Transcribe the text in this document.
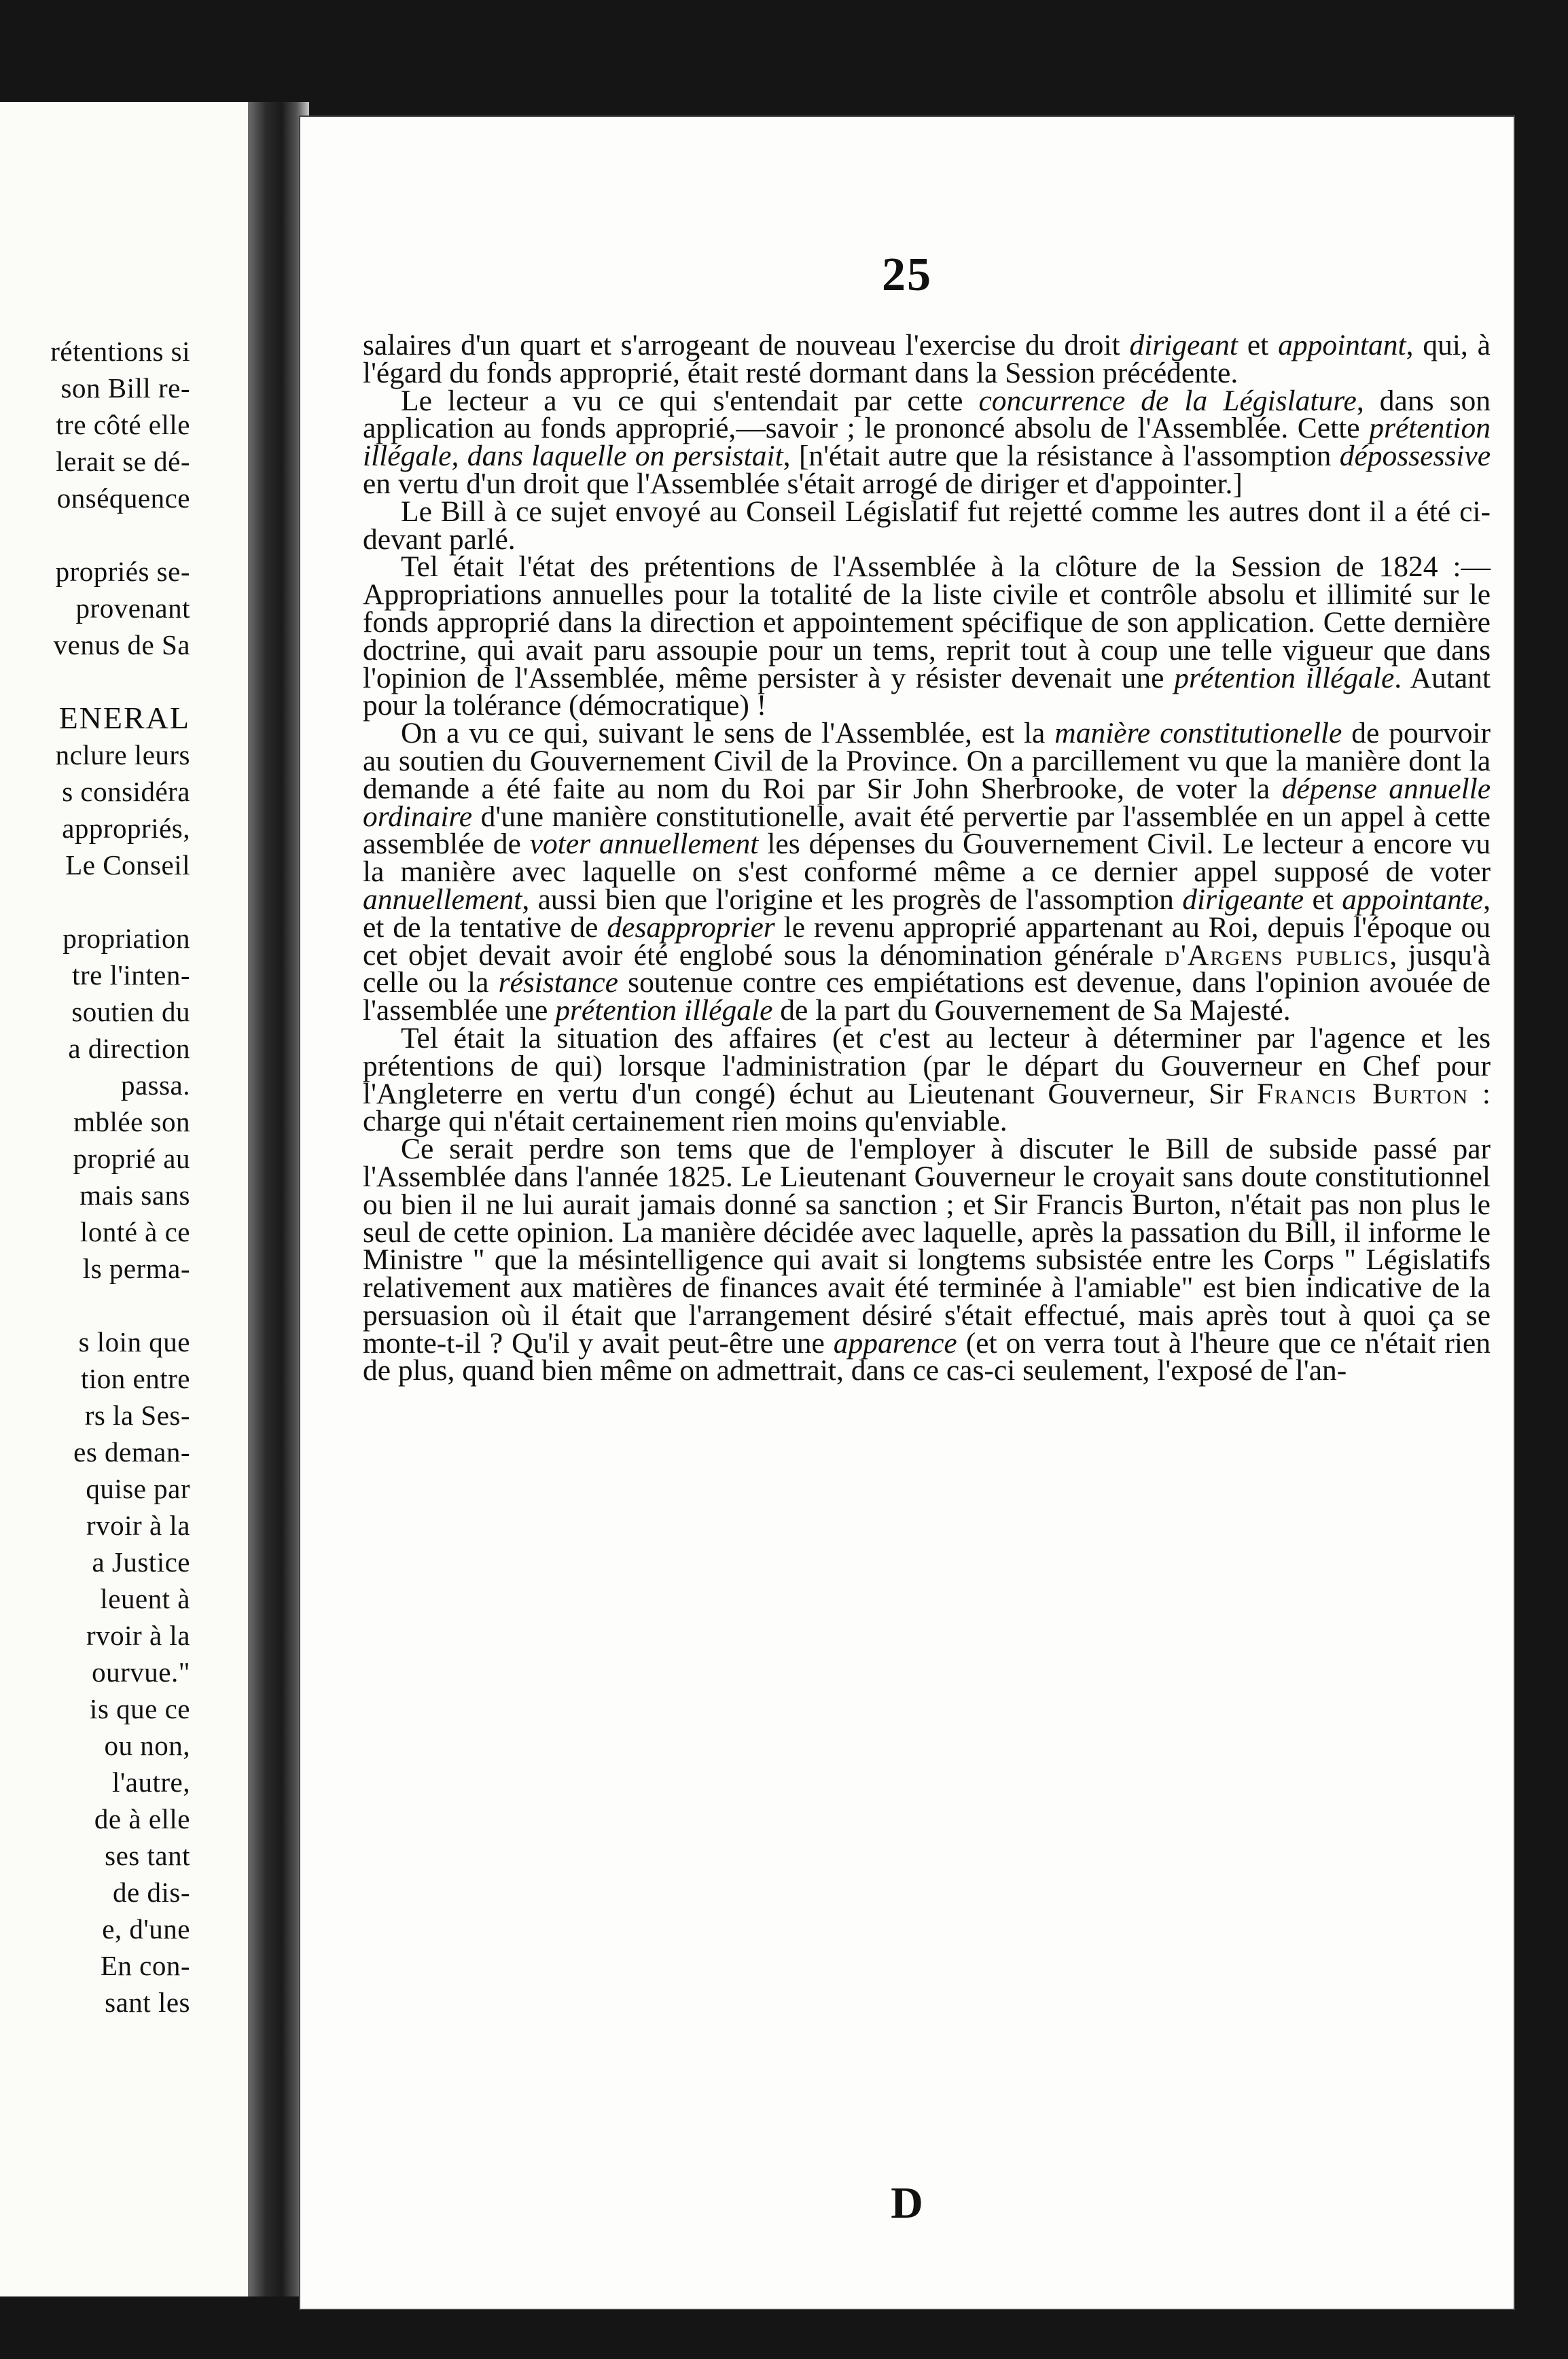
rétentions si
son Bill re-
tre côté elle
lerait se dé-
onséquence
propriés se-
provenant
venus de Sa
ENERAL
nclure leurs
s considéra
appropriés,
Le Conseil
propriation
tre l'inten-
soutien du
a direction
passa.
mblée son
proprié au
mais sans
lonté à ce
ls perma-
s loin que
tion entre
rs la Ses-
es deman-
quise par
rvoir à la
a Justice
leuent à
rvoir à la
ourvue."
is que ce
ou non,
l'autre,
de à elle
ses tant
de dis-
e, d'une
En con-
sant les
25

salaires d'un quart et s'arrogeant de nouveau l'exercise du droit dirigeant et appointant, qui, à l'égard du fonds approprié, était resté dormant dans la Session précédente.

Le lecteur a vu ce qui s'entendait par cette concurrence de la Législature, dans son application au fonds approprié,—savoir ; le prononcé absolu de l'Assemblée. Cette prétention illégale, dans laquelle on persistait, [n'était autre que la résistance à l'assomption dépossessive en vertu d'un droit que l'Assemblée s'était arrogé de diriger et d'appointer.]

Le Bill à ce sujet envoyé au Conseil Législatif fut rejetté comme les autres dont il a été ci-devant parlé.

Tel était l'état des prétentions de l'Assemblée à la clôture de la Session de 1824 :—Appropriations annuelles pour la totalité de la liste civile et contrôle absolu et illimité sur le fonds approprié dans la direction et appointement spécifique de son application. Cette dernière doctrine, qui avait paru assoupie pour un tems, reprit tout à coup une telle vigueur que dans l'opinion de l'Assemblée, même persister à y résister devenait une prétention illégale. Autant pour la tolérance (démocratique) !

On a vu ce qui, suivant le sens de l'Assemblée, est la manière constitutionelle de pourvoir au soutien du Gouvernement Civil de la Province. On a parcillement vu que la manière dont la demande a été faite au nom du Roi par Sir John Sherbrooke, de voter la dépense annuelle ordinaire d'une manière constitutionelle, avait été pervertie par l'assemblée en un appel à cette assemblée de voter annuellement les dépenses du Gouvernement Civil. Le lecteur a encore vu la manière avec laquelle on s'est conformé même a ce dernier appel supposé de voter annuellement, aussi bien que l'origine et les progrès de l'assomption dirigeante et appointante, et de la tentative de desapproprier le revenu approprié appartenant au Roi, depuis l'époque ou cet objet devait avoir été englobé sous la dénomination générale d'Argens publics, jusqu'à celle ou la résistance soutenue contre ces empiétations est devenue, dans l'opinion avouée de l'assemblée une prétention illégale de la part du Gouvernement de Sa Majesté.

Tel était la situation des affaires (et c'est au lecteur à déterminer par l'agence et les prétentions de qui) lorsque l'administration (par le départ du Gouverneur en Chef pour l'Angleterre en vertu d'un congé) échut au Lieutenant Gouverneur, Sir Francis Burton : charge qui n'était certainement rien moins qu'enviable.

Ce serait perdre son tems que de l'employer à discuter le Bill de subside passé par l'Assemblée dans l'année 1825. Le Lieutenant Gouverneur le croyait sans doute constitutionnel ou bien il ne lui aurait jamais donné sa sanction ; et Sir Francis Burton, n'était pas non plus le seul de cette opinion. La manière décidée avec laquelle, après la passation du Bill, il informe le Ministre " que la mésintelligence qui avait si longtems subsistée entre les Corps " Législatifs relativement aux matières de finances avait été terminée à l'amiable" est bien indicative de la persuasion où il était que l'arrangement désiré s'était effectué, mais après tout à quoi ça se monte-t-il ? Qu'il y avait peut-être une apparence (et on verra tout à l'heure que ce n'était rien de plus, quand bien même on admettrait, dans ce cas-ci seulement, l'exposé de l'an-

D
